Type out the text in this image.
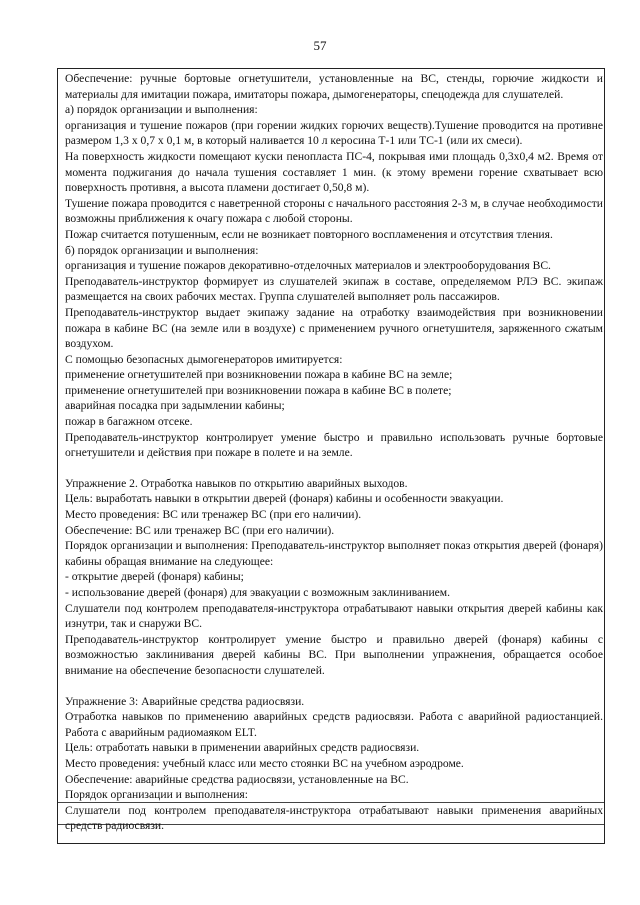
57

Обеспечение: ручные бортовые огнетушители, установленные на ВС, стенды, горючие жидкости и материалы для имитации пожара, имитаторы пожара, дымогенераторы, спецодежда для слушателей.

а) порядок организации и выполнения:

организация и тушение пожаров (при горении жидких горючих веществ).Тушение проводится на противне размером 1,3 х 0,7 х 0,1 м, в который наливается 10 л керосина Т-1 или ТС-1 (или их смеси).

На поверхность жидкости помещают куски пенопласта ПС-4, покрывая ими площадь 0,3х0,4 м2. Время от момента поджигания до начала тушения составляет 1 мин. (к этому времени горение схватывает всю поверхность противня, а высота пламени достигает 0,50,8 м).

Тушение пожара проводится с наветренной стороны с начального расстояния 2-3 м, в случае необходимости возможны приближения к очагу пожара с любой стороны.

Пожар считается потушенным, если не возникает повторного воспламенения и отсутствия тления.

б) порядок организации и выполнения:

организация и тушение пожаров декоративно-отделочных материалов и электрооборудования ВС.

Преподаватель-инструктор формирует из слушателей экипаж в составе, определяемом РЛЭ ВС. экипаж размещается на своих рабочих местах. Группа слушателей выполняет роль пассажиров.

Преподаватель-инструктор выдает экипажу задание на отработку взаимодействия при возникновении пожара в кабине ВС (на земле или в воздухе) с применением ручного огнетушителя, заряженного сжатым воздухом.

С помощью безопасных дымогенераторов имитируется:

применение огнетушителей при возникновении пожара в кабине ВС на земле;

применение огнетушителей при возникновении пожара в кабине ВС в полете;

аварийная посадка при задымлении кабины;

пожар в багажном отсеке.

Преподаватель-инструктор контролирует умение быстро и правильно использовать ручные бортовые огнетушители и действия при пожаре в полете и на земле.

Упражнение 2. Отработка навыков по открытию аварийных выходов.

Цель: выработать навыки в открытии дверей (фонаря) кабины и особенности эвакуации.

Место проведения: ВС или тренажер ВС (при его наличии).

Обеспечение: ВС или тренажер ВС (при его наличии).

Порядок организации и выполнения: Преподаватель-инструктор выполняет показ открытия дверей (фонаря) кабины обращая внимание на следующее:

- открытие дверей (фонаря) кабины;

- использование дверей (фонаря) для эвакуации с возможным заклиниванием.

Слушатели под контролем преподавателя-инструктора отрабатывают навыки открытия дверей кабины как изнутри, так и снаружи ВС.

Преподаватель-инструктор контролирует умение быстро и правильно дверей (фонаря) кабины с возможностью заклинивания дверей кабины ВС. При выполнении упражнения, обращается особое внимание на обеспечение безопасности слушателей.

Упражнение 3: Аварийные средства радиосвязи.

Отработка навыков по применению аварийных средств радиосвязи. Работа с аварийной радиостанцией. Работа с аварийным радиомаяком ELT.

Цель: отработать навыки в применении аварийных средств радиосвязи.

Место проведения: учебный класс или место стоянки ВС на учебном аэродроме.

Обеспечение: аварийные средства радиосвязи, установленные на ВС.

Порядок организации и выполнения:

Слушатели под контролем преподавателя-инструктора отрабатывают навыки применения аварийных средств радиосвязи.
